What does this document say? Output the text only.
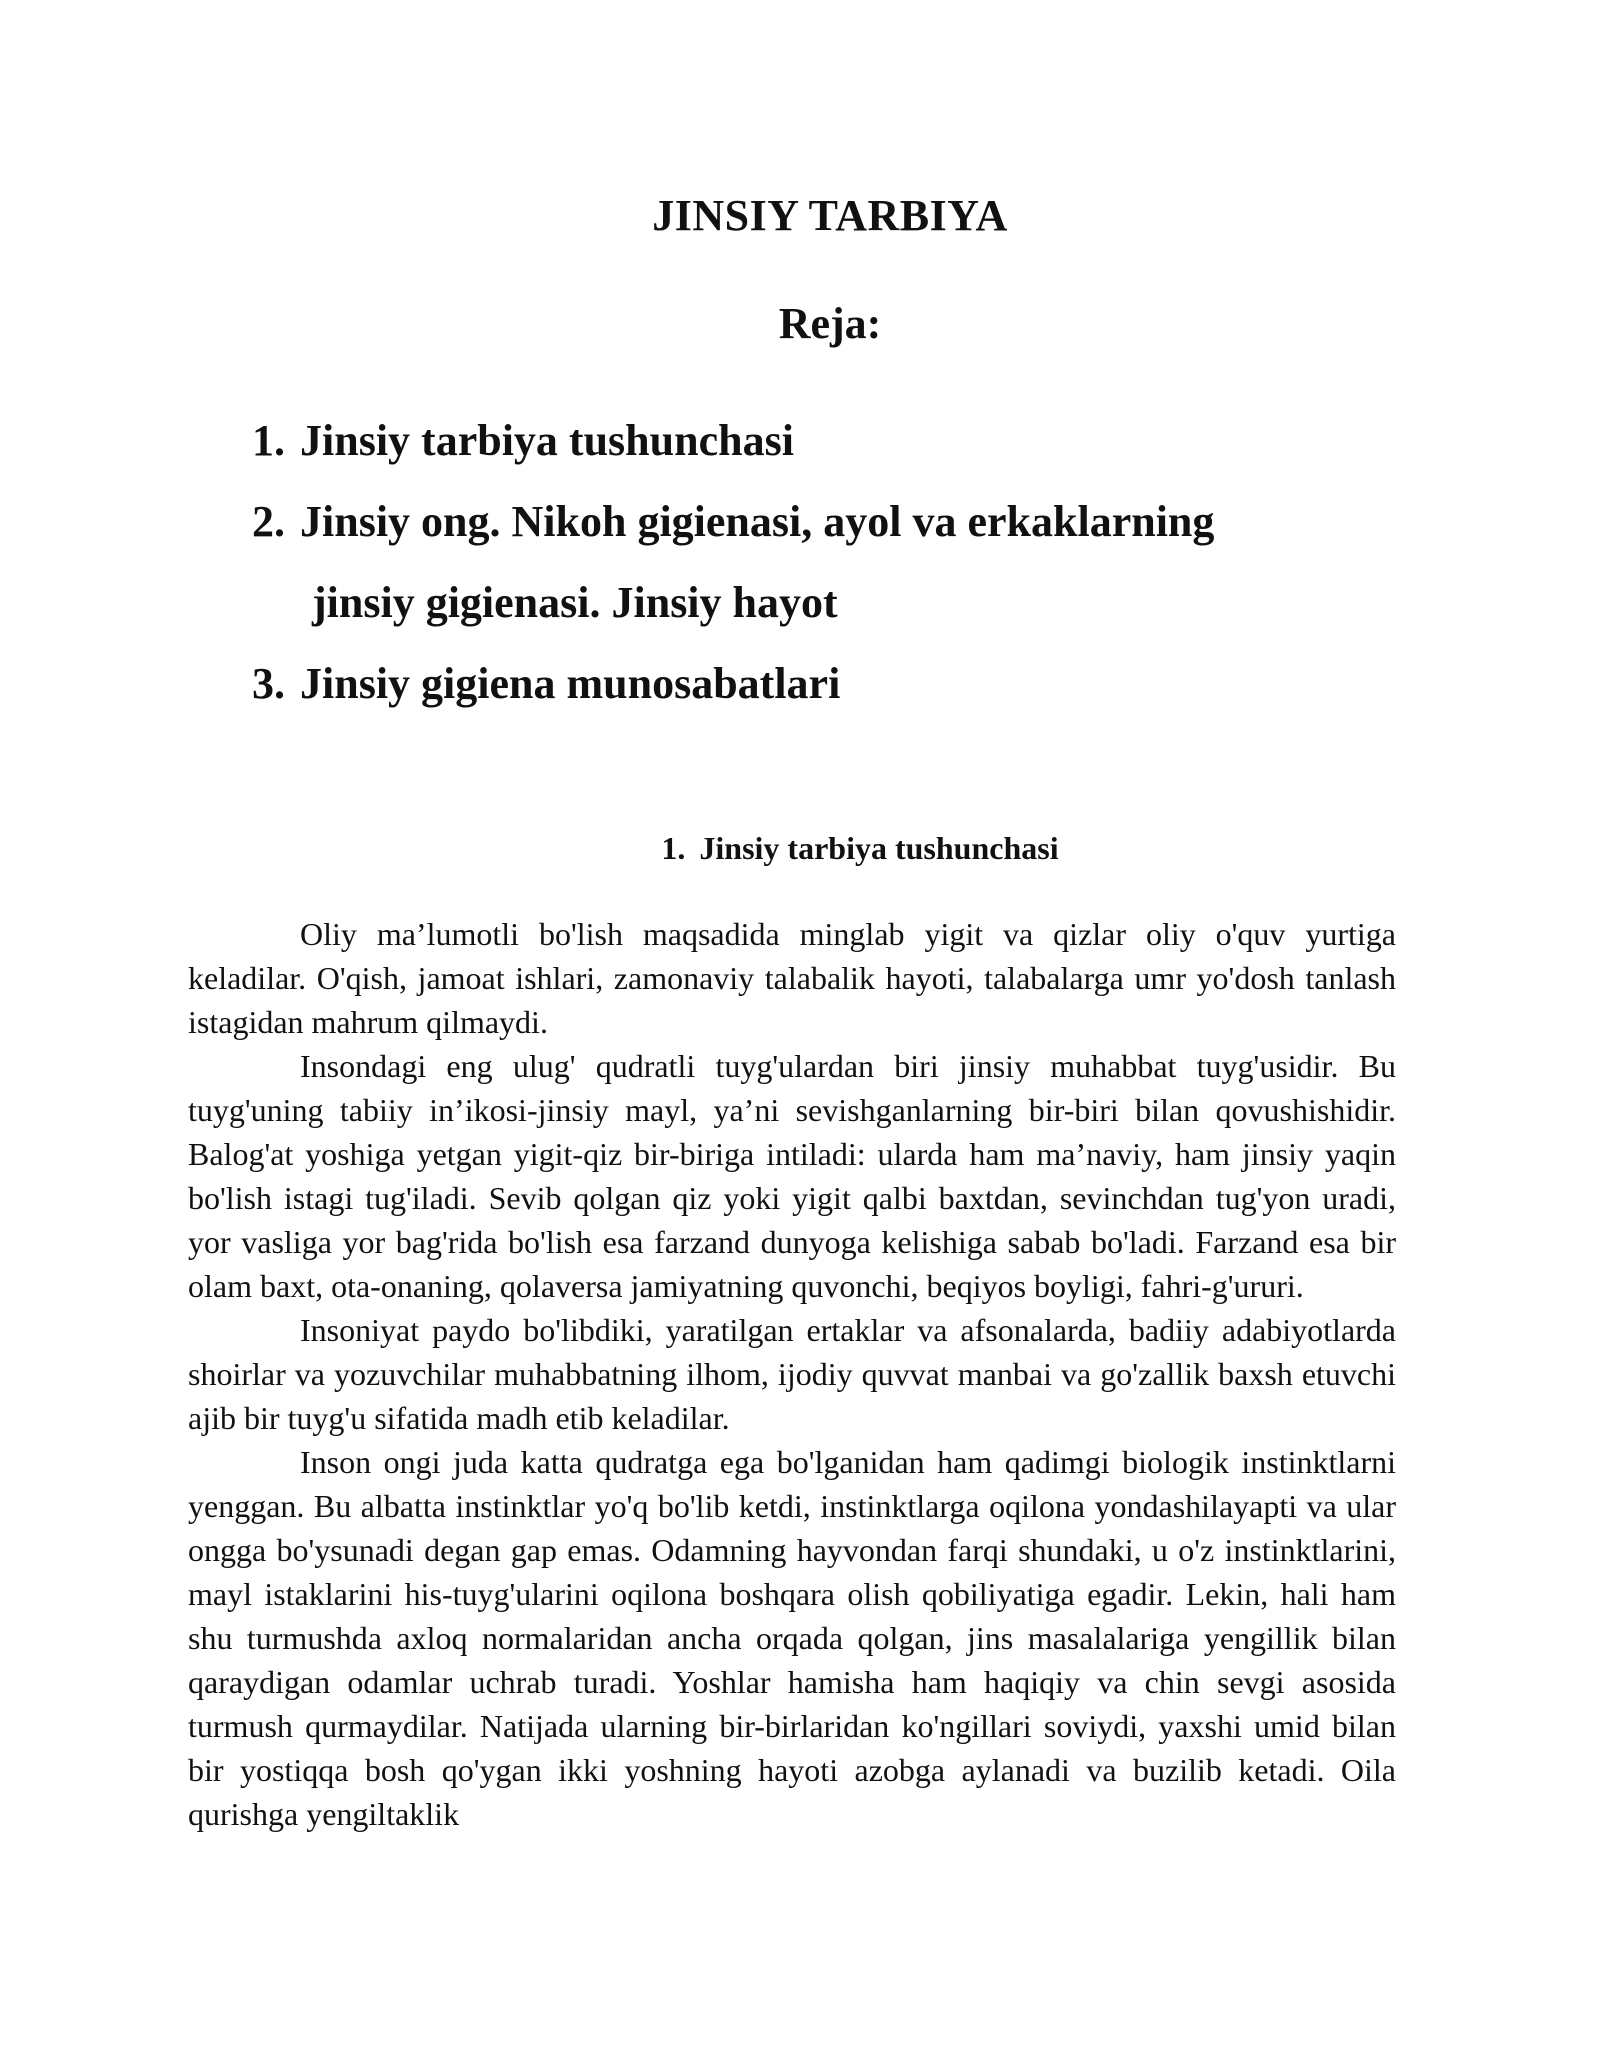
JINSIY TARBIYA
Reja:
1. Jinsiy tarbiya tushunchasi
2. Jinsiy ong. Nikoh gigienasi, ayol va erkaklarning
jinsiy gigienasi. Jinsiy hayot
3. Jinsiy gigiena munosabatlari
1. Jinsiy tarbiya tushunchasi

Oliy ma’lumotli bo'lish maqsadida minglab yigit va qizlar oliy o'quv yurtiga keladilar. O'qish, jamoat ishlari, zamonaviy talabalik hayoti, talabalarga umr yo'dosh tanlash istagidan mahrum qilmaydi.

Insondagi eng ulug' qudratli tuyg'ulardan biri jinsiy muhabbat tuyg'usidir. Bu tuyg'uning tabiiy in’ikosi-jinsiy mayl, ya’ni sevishganlarning bir-biri bilan qovushishidir. Balog'at yoshiga yetgan yigit-qiz bir-biriga intiladi: ularda ham ma’naviy, ham jinsiy yaqin bo'lish istagi tug'iladi. Sevib qolgan qiz yoki yigit qalbi baxtdan, sevinchdan tug'yon uradi, yor vasliga yor bag'rida bo'lish esa farzand dunyoga kelishiga sabab bo'ladi. Farzand esa bir olam baxt, ota-onaning, qolaversa jamiyatning quvonchi, beqiyos boyligi, fahri-g'ururi.

Insoniyat paydo bo'libdiki, yaratilgan ertaklar va afsonalarda, badiiy adabiyotlarda shoirlar va yozuvchilar muhabbatning ilhom, ijodiy quvvat manbai va go'zallik baxsh etuvchi ajib bir tuyg'u sifatida madh etib keladilar.

Inson ongi juda katta qudratga ega bo'lganidan ham qadimgi biologik instinktlarni yenggan. Bu albatta instinktlar yo'q bo'lib ketdi, instinktlarga oqilona yondashilayapti va ular ongga bo'ysunadi degan gap emas. Odamning hayvondan farqi shundaki, u o'z instinktlarini, mayl istaklarini his-tuyg'ularini oqilona boshqara olish qobiliyatiga egadir. Lekin, hali ham shu turmushda axloq normalaridan ancha orqada qolgan, jins masalalariga yengillik bilan qaraydigan odamlar uchrab turadi. Yoshlar hamisha ham haqiqiy va chin sevgi asosida turmush qurmaydilar. Natijada ularning bir-birlaridan ko'ngillari soviydi, yaxshi umid bilan bir yostiqqa bosh qo'ygan ikki yoshning hayoti azobga aylanadi va buzilib ketadi. Oila qurishga yengiltaklik
